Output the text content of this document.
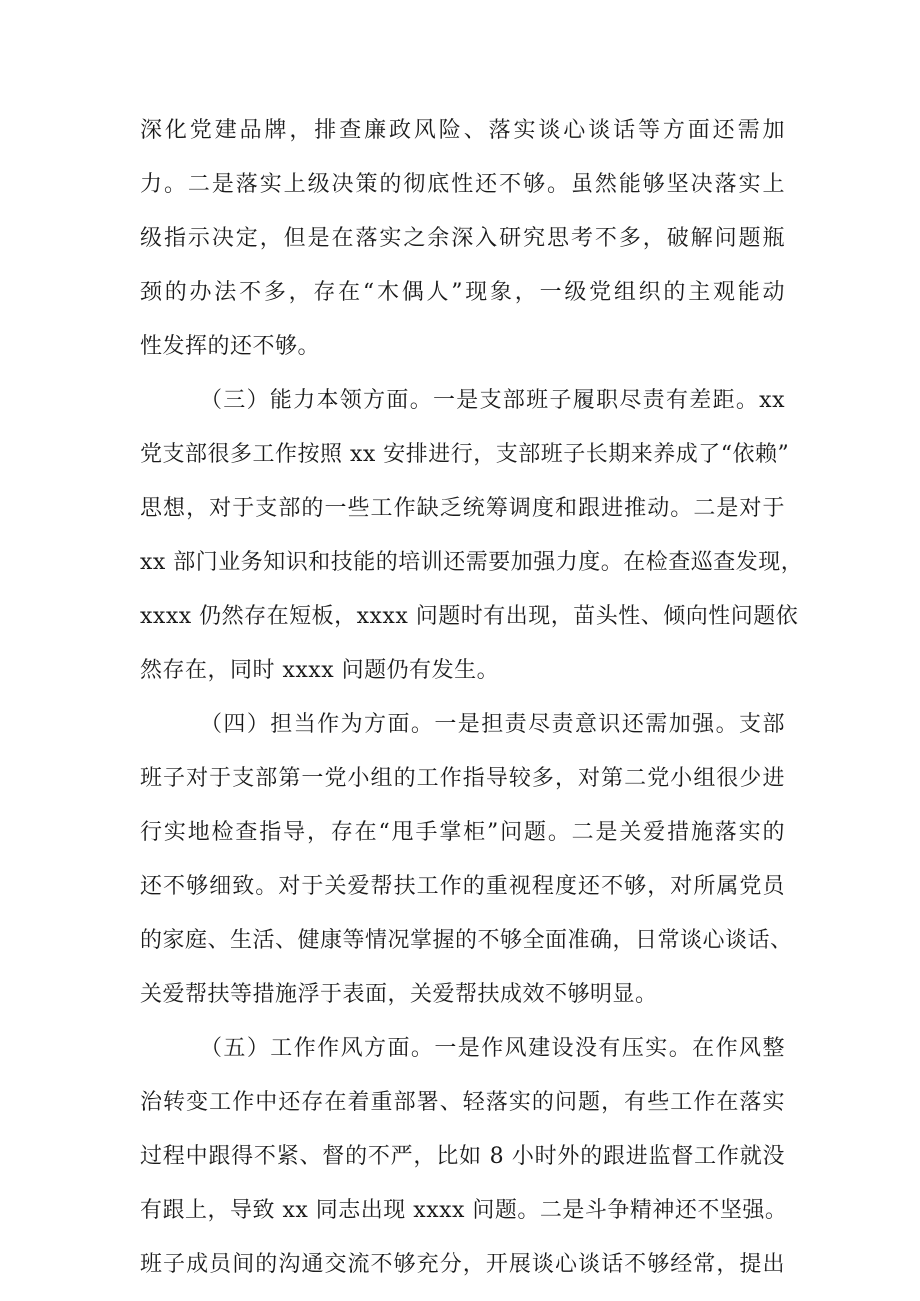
深化党建品牌，排查廉政风险、落实谈心谈话等方面还需加
力。二是落实上级决策的彻底性还不够。虽然能够坚决落实上
级指示决定，但是在落实之余深入研究思考不多，破解问题瓶
颈的办法不多，存在“木偶人”现象，一级党组织的主观能动
性发挥的还不够。
（三）能力本领方面。一是支部班子履职尽责有差距。xx
党支部很多工作按照 xx 安排进行，支部班子长期来养成了“依赖”
思想，对于支部的一些工作缺乏统筹调度和跟进推动。二是对于
xx 部门业务知识和技能的培训还需要加强力度。在检查巡查发现，
xxxx 仍然存在短板，xxxx 问题时有出现，苗头性、倾向性问题依
然存在，同时 xxxx 问题仍有发生。
（四）担当作为方面。一是担责尽责意识还需加强。支部
班子对于支部第一党小组的工作指导较多，对第二党小组很少进
行实地检查指导，存在“甩手掌柜”问题。二是关爱措施落实的
还不够细致。对于关爱帮扶工作的重视程度还不够，对所属党员
的家庭、生活、健康等情况掌握的不够全面准确，日常谈心谈话、
关爱帮扶等措施浮于表面，关爱帮扶成效不够明显。
（五）工作作风方面。一是作风建设没有压实。在作风整
治转变工作中还存在着重部署、轻落实的问题，有些工作在落实
过程中跟得不紧、督的不严，比如 8 小时外的跟进监督工作就没
有跟上，导致 xx 同志出现 xxxx 问题。二是斗争精神还不坚强。
班子成员间的沟通交流不够充分，开展谈心谈话不够经常，提出
